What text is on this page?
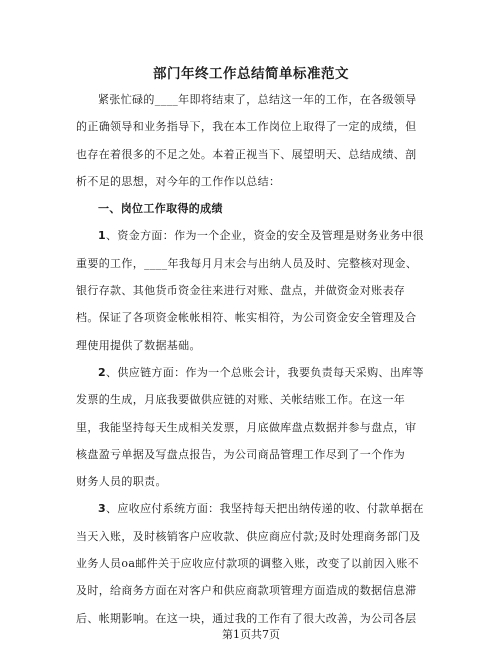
部门年终工作总结简单标准范文
紧张忙碌的____年即将结束了，总结这一年的工作，在各级领导
的正确领导和业务指导下，我在本工作岗位上取得了一定的成绩，但
也存在着很多的不足之处。本着正视当下、展望明天、总结成绩、剖
析不足的思想，对今年的工作作以总结：
一、岗位工作取得的成绩
1、资金方面：作为一个企业，资金的安全及管理是财务业务中很
重要的工作，____年我每月月末会与出纳人员及时、完整核对现金、
银行存款、其他货币资金往来进行对账、盘点，并做资金对账表存
档。保证了各项资金帐帐相符、帐实相符，为公司资金安全管理及合
理使用提供了数据基础。
2、供应链方面：作为一个总账会计，我要负责每天采购、出库等
发票的生成，月底我要做供应链的对账、关帐结账工作。在这一年
里，我能坚持每天生成相关发票，月底做库盘点数据并参与盘点，审
核盘盈亏单据及写盘点报告，为公司商品管理工作尽到了一个作为
财务人员的职责。
3、应收应付系统方面：我坚持每天把出纳传递的收、付款单据在
当天入账，及时核销客户应收款、供应商应付款;及时处理商务部门及
业务人员oa邮件关于应收应付款项的调整入账，改变了以前因入账不
及时，给商务方面在对客户和供应商款项管理方面造成的数据信息滞
后、帐期影响。在这一块，通过我的工作有了很大改善，为公司各层
第1页共7页
